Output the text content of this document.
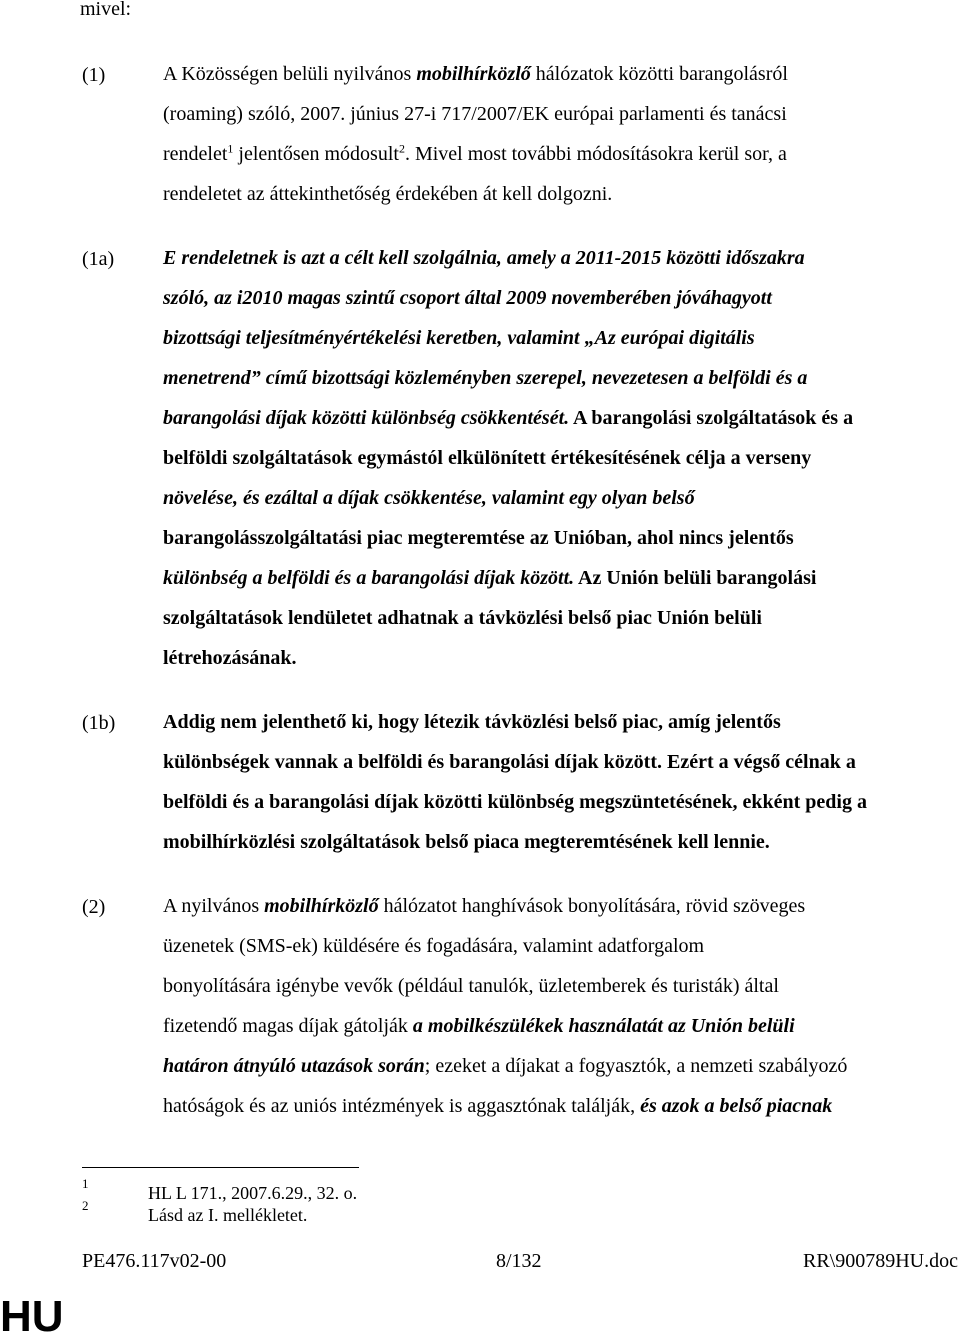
mivel:
(1)	A Közösségen belüli nyilvános mobilhírközlő hálózatok közötti barangolásról
(roaming) szóló, 2007. június 27-i 717/2007/EK európai parlamenti és tanácsi
rendelet$^1$ jelentősen módosult$^2$. Mivel most további módosításokra kerül sor, a
rendeletet az áttekinthetőség érdekében át kell dolgozni.
(1a) E rendeletnek is azt a célt kell szolgálnia, amely a 2011-2015 közötti időszakra
szóló, az i2010 magas szintű csoport által 2009 novemberében jóváhagyott
bizottsági teljesítményértékelési keretben, valamint „Az európai digitális
menetrend” című bizottsági közleményben szerepel, nevezetesen a belföldi és a
barangolási díjak közötti különbség csökkentését. A barangolási szolgáltatások és a
belföldi szolgáltatások egymástól elkülönített értékesítésének célja a verseny
növelése, és ezáltal a díjak csökkentése, valamint egy olyan belső
barangolásszolgáltatási piac megteremtése az Unióban, ahol nincs jelentős
különbség a belföldi és a barangolási díjak között. Az Unión belüli barangolási
szolgáltatások lendületet adhatnak a távközlési belső piac Unión belüli
létrehozásának.
(1b) Addig nem jelenthető ki, hogy létezik távközlési belső piac, amíg jelentős
különbségek vannak a belföldi és barangolási díjak között. Ezért a végső célnak a
belföldi és a barangolási díjak közötti különbség megszüntetésének, ekként pedig a
mobilhírközlési szolgáltatások belső piaca megteremtésének kell lennie.
(2)	A nyilvános mobilhírközlő hálózatot hanghívások bonyolítására, rövid szöveges
üzenetek (SMS-ek) küldésére és fogadására, valamint adatforgalom
bonyolítására igénybe vevők (például tanulók, üzletemberek és turisták) által
fizetendő magas díjak gátolják a mobilkészülékek használatát az Unión belüli
határon átnyúló utazások során; ezeket a díjakat a fogyasztók, a nemzeti szabályozó
hatóságok és az uniós intézmények is aggasztónak találják, és azok a belső piacnak
1	HL L 171., 2007.6.29., 32. o.
2	Lásd az I. mellékletet.
PE476.117v02-00	8/132	RR\900789HU.doc
HU
